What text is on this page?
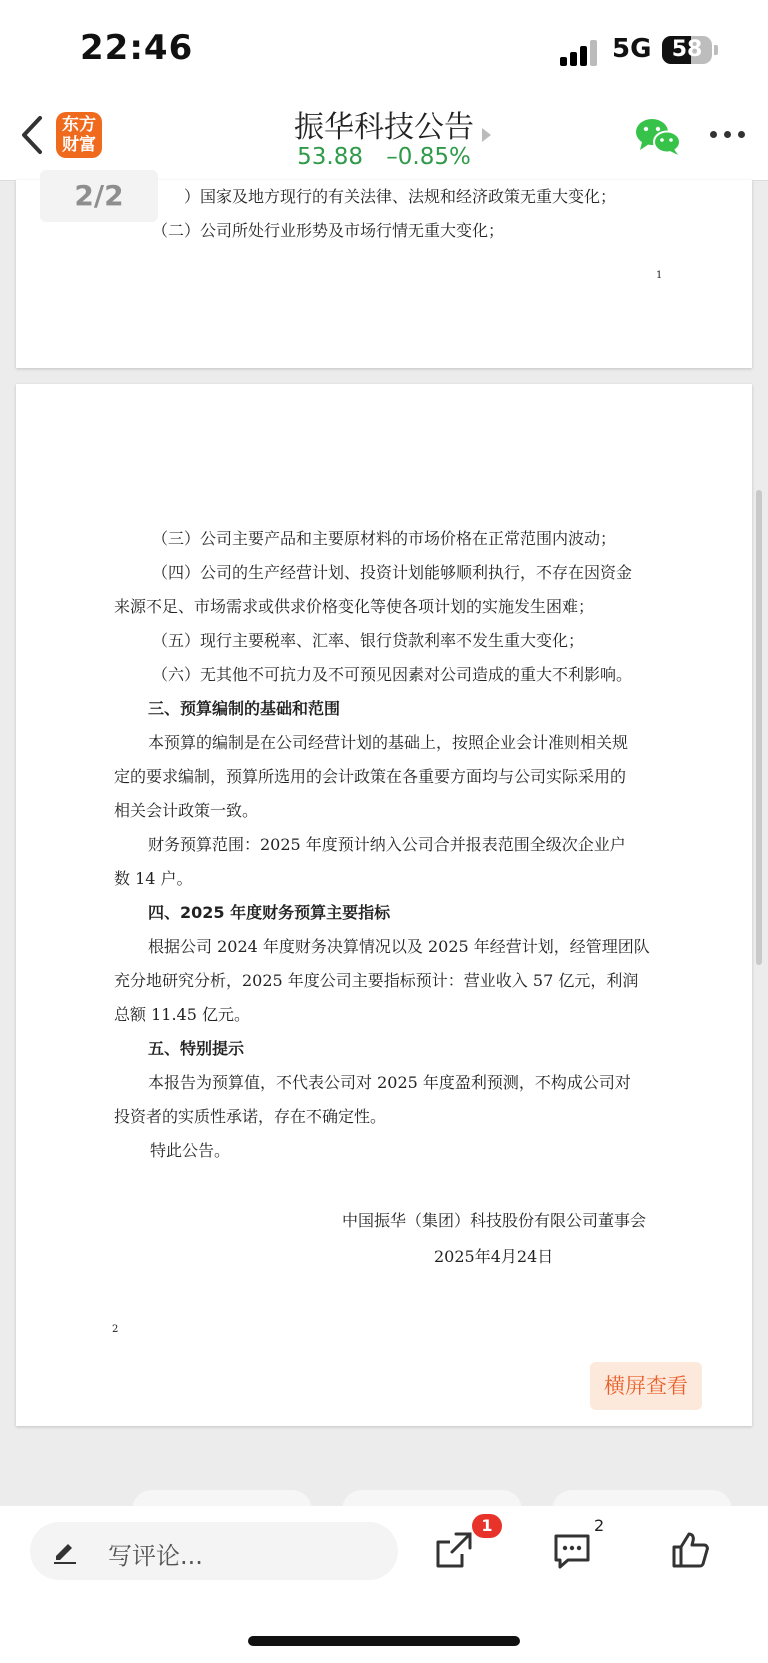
22:46	5G 58
东方
财富	振华科技公告
53.88 –0.85%
）国家及地方现行的有关法律、法规和经济政策无重大变化；
（二）公司所处行业形势及市场行情无重大变化；
1
2/2
（三）公司主要产品和主要原材料的市场价格在正常范围内波动；
（四）公司的生产经营计划、投资计划能够顺利执行，不存在因资金
来源不足、市场需求或供求价格变化等使各项计划的实施发生困难；
（五）现行主要税率、汇率、银行贷款利率不发生重大变化；
（六）无其他不可抗力及不可预见因素对公司造成的重大不利影响。
三、预算编制的基础和范围
本预算的编制是在公司经营计划的基础上，按照企业会计准则相关规
定的要求编制，预算所选用的会计政策在各重要方面均与公司实际采用的
相关会计政策一致。
财务预算范围：2025 年度预计纳入公司合并报表范围全级次企业户
数 14 户。
四、2025 年度财务预算主要指标
根据公司 2024 年度财务决算情况以及 2025 年经营计划，经管理团队
充分地研究分析，2025 年度公司主要指标预计：营业收入 57 亿元，利润
总额 11.45 亿元。
五、特别提示
本报告为预算值，不代表公司对 2025 年度盈利预测，不构成公司对
投资者的实质性承诺，存在不确定性。
特此公告。
中国振华（集团）科技股份有限公司董事会
2025年4月24日
2
横屏查看
写评论...
1	2
